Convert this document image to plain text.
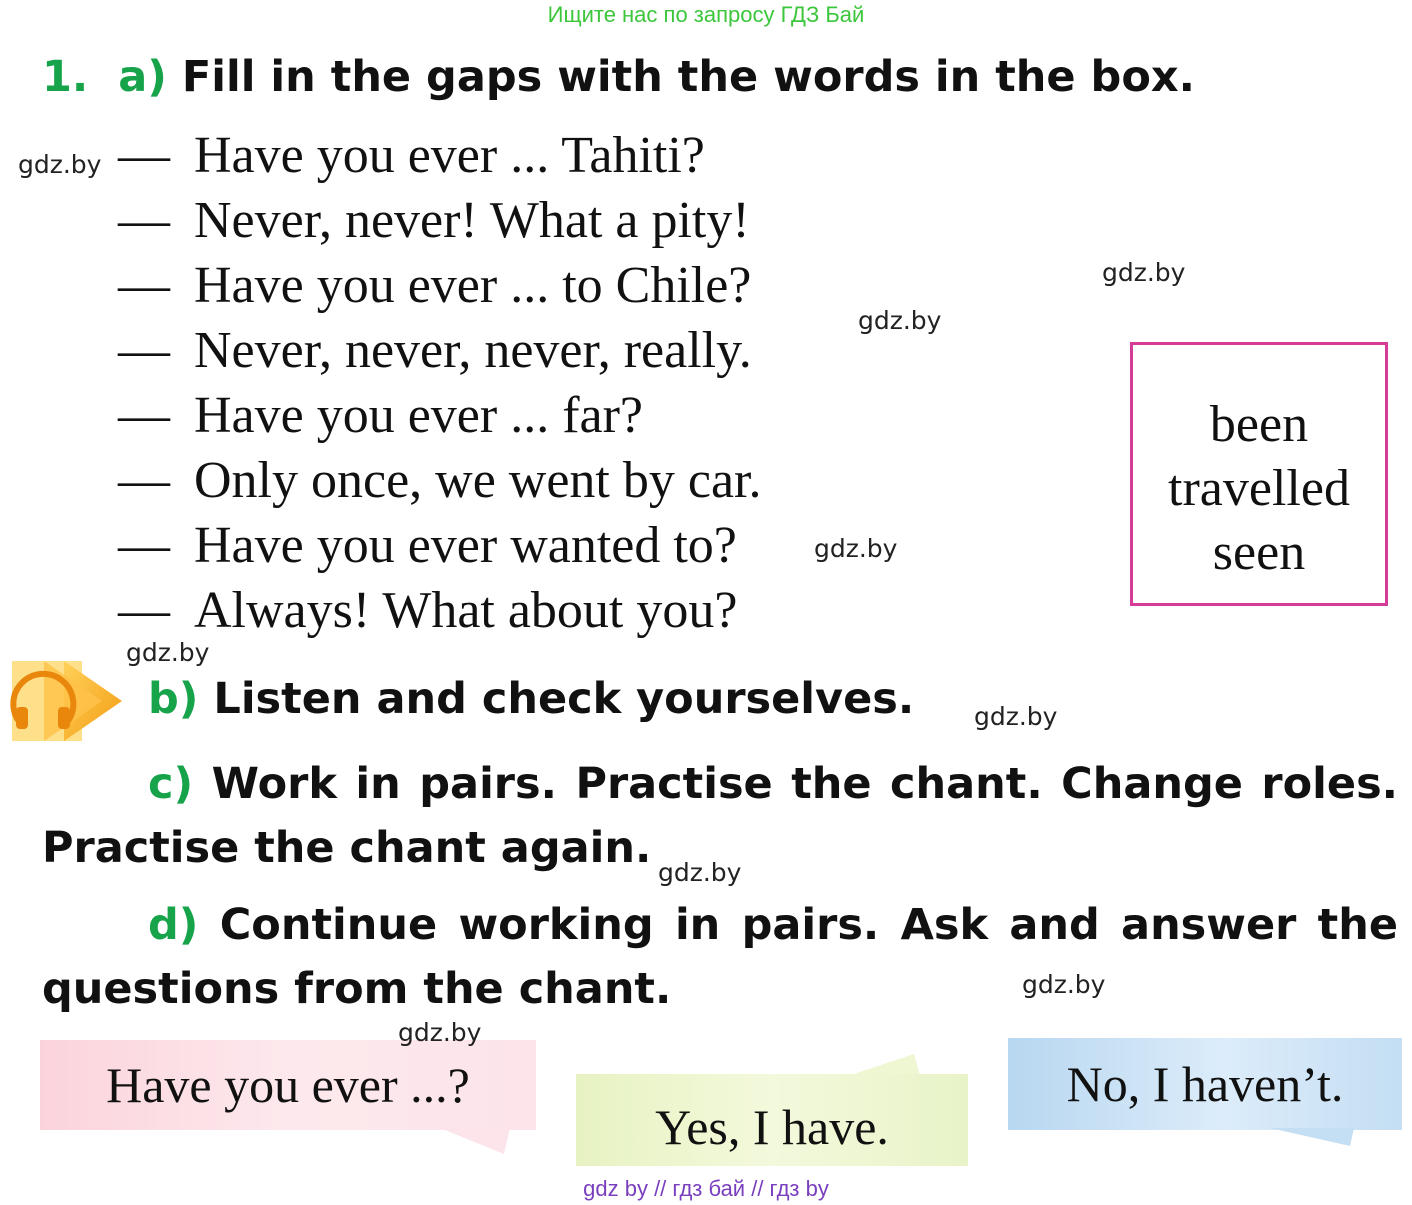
Ищите нас по запросу ГДЗ Бай
1. a) Fill in the gaps with the words in the box.
— Have you ever ... Tahiti?
— Never, never! What a pity!
— Have you ever ... to Chile?
— Never, never, never, really.
— Have you ever ... far?
— Only once, we went by car.
— Have you ever wanted to?
— Always! What about you?
been
travelled
seen
b) Listen and check yourselves.
c) Work in pairs. Practise the chant. Change roles.
Practise the chant again.
d) Continue working in pairs. Ask and answer the
questions from the chant.
Have you ever ...?
Yes, I have.
No, I haven’t.
gdz.by
gdz.by
gdz.by
gdz.by
gdz.by
gdz.by
gdz.by
gdz.by
gdz.by
gdz by // гдз бай // гдз by
